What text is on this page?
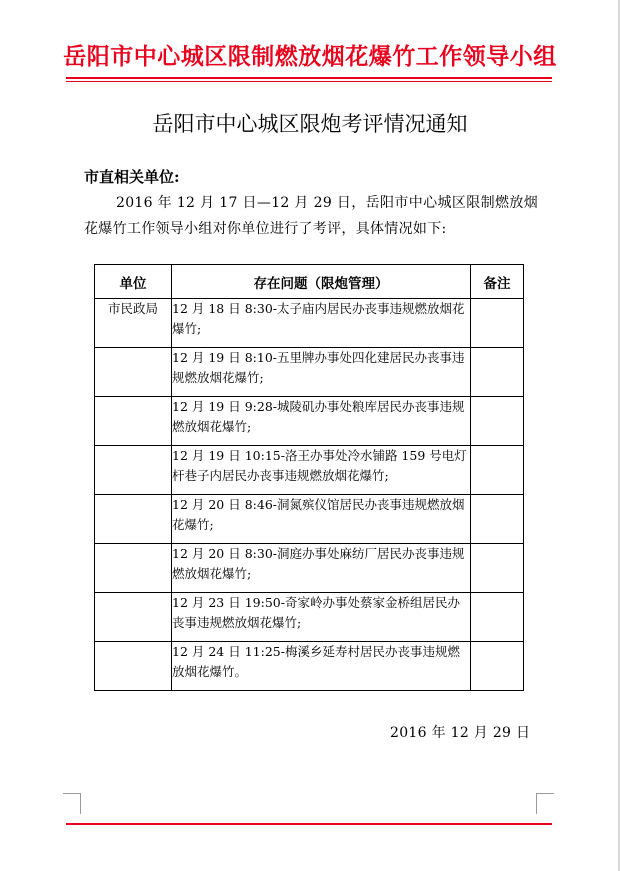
岳阳市中心城区限制燃放烟花爆竹工作领导小组
岳阳市中心城区限炮考评情况通知
市直相关单位:
2016 年 12 月 17 日—12 月 29 日，岳阳市中心城区限制燃放烟花爆竹工作领导小组对你单位进行了考评，具体情况如下:
单位	存在问题（限炮管理）	备注
市民政局	12 月 18 日 8:30-太子庙内居民办丧事违规燃放烟花爆竹;	
	12 月 19 日 8:10-五里牌办事处四化建居民办丧事违规燃放烟花爆竹;	
	12 月 19 日 9:28-城陵矶办事处粮库居民办丧事违规燃放烟花爆竹;	
	12 月 19 日 10:15-洛王办事处冷水铺路 159 号电灯杆巷子内居民办丧事违规燃放烟花爆竹;	
	12 月 20 日 8:46-洞氮殡仪馆居民办丧事违规燃放烟花爆竹;	
	12 月 20 日 8:30-洞庭办事处麻纺厂居民办丧事违规燃放烟花爆竹;	
	12 月 23 日 19:50-奇家岭办事处蔡家金桥组居民办丧事违规燃放烟花爆竹;	
	12 月 24 日 11:25-梅溪乡延寿村居民办丧事违规燃放烟花爆竹。	
2016 年 12 月 29 日
